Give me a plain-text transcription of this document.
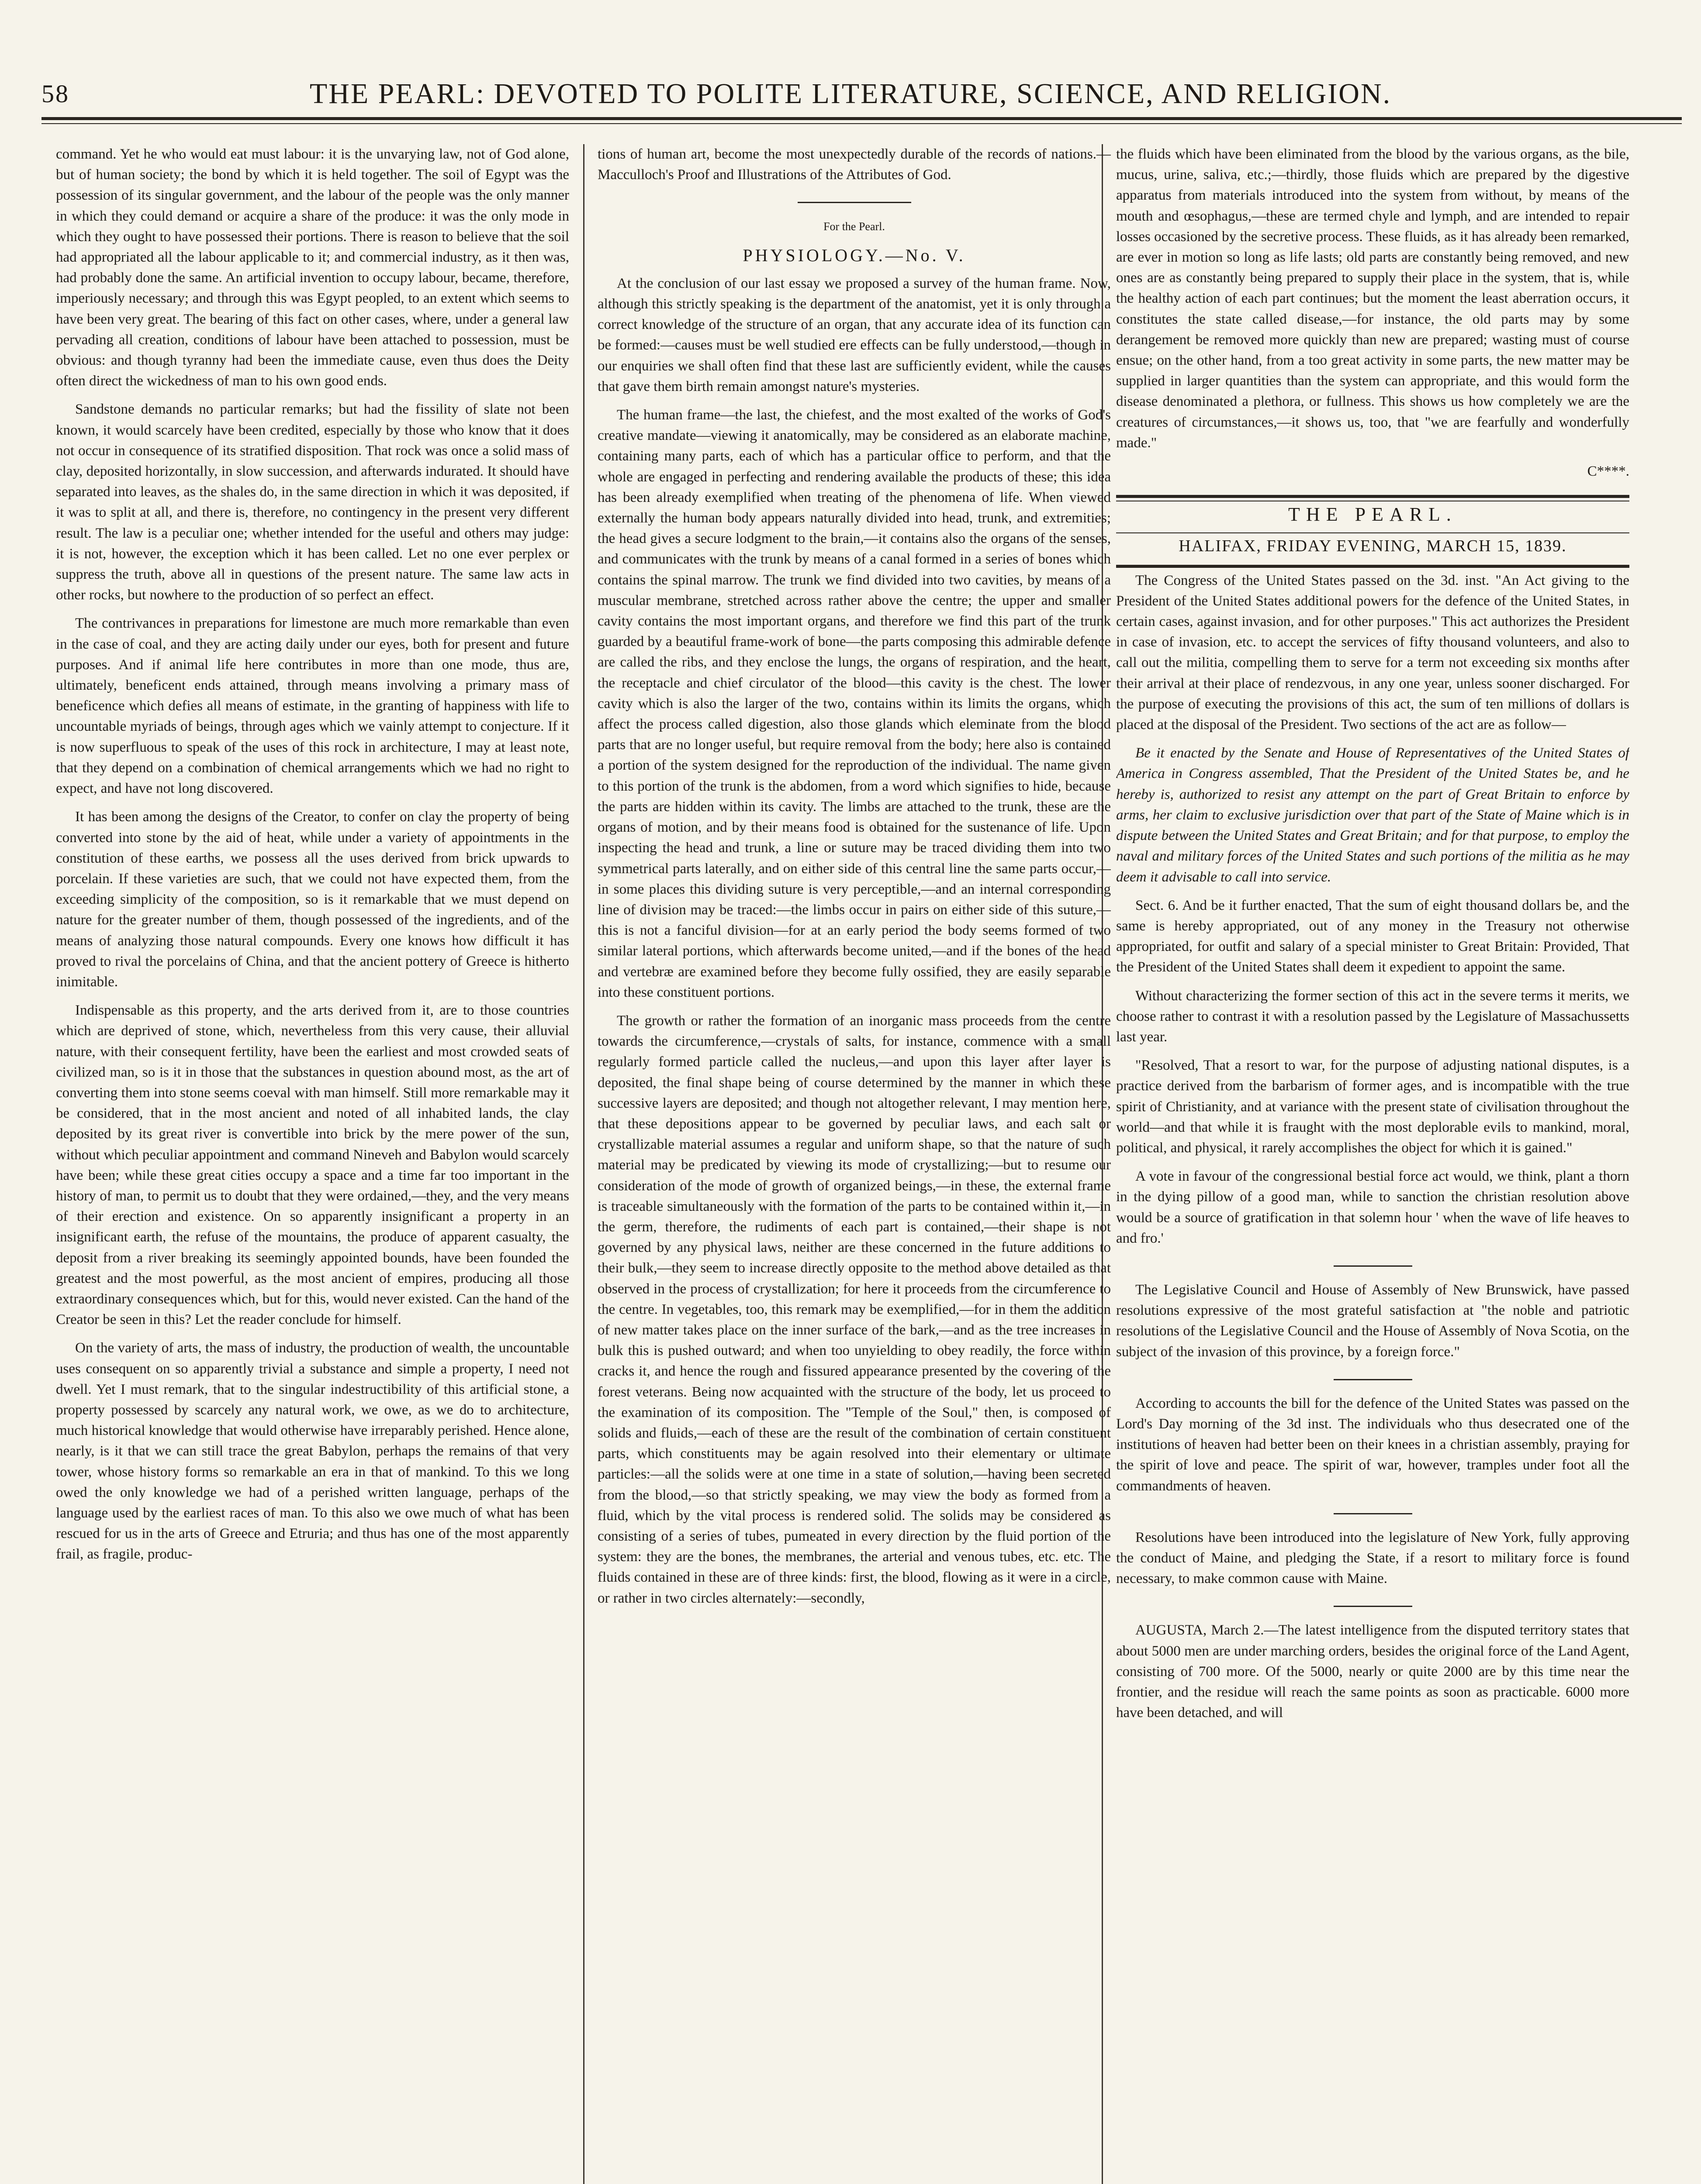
58	THE PEARL: DEVOTED TO POLITE LITERATURE, SCIENCE, AND RELIGION.

command. Yet he who would eat must labour: it is the unvarying law, not of God alone, but of human society; the bond by which it is held together. The soil of Egypt was the possession of its singular government, and the labour of the people was the only manner in which they could demand or acquire a share of the produce: it was the only mode in which they ought to have possessed their portions. There is reason to believe that the soil had appropriated all the labour applicable to it; and commercial industry, as it then was, had probably done the same. An artificial invention to occupy labour, became, therefore, imperiously necessary; and through this was Egypt peopled, to an extent which seems to have been very great. The bearing of this fact on other cases, where, under a general law pervading all creation, conditions of labour have been attached to possession, must be obvious: and though tyranny had been the immediate cause, even thus does the Deity often direct the wickedness of man to his own good ends.

Sandstone demands no particular remarks; but had the fissility of slate not been known, it would scarcely have been credited, especially by those who know that it does not occur in consequence of its stratified disposition. That rock was once a solid mass of clay, deposited horizontally, in slow succession, and afterwards indurated. It should have separated into leaves, as the shales do, in the same direction in which it was deposited, if it was to split at all, and there is, therefore, no contingency in the present very different result. The law is a peculiar one; whether intended for the useful and others may judge: it is not, however, the exception which it has been called. Let no one ever perplex or suppress the truth, above all in questions of the present nature. The same law acts in other rocks, but nowhere to the production of so perfect an effect.

The contrivances in preparations for limestone are much more remarkable than even in the case of coal, and they are acting daily under our eyes, both for present and future purposes. And if animal life here contributes in more than one mode, thus are, ultimately, beneficent ends attained, through means involving a primary mass of beneficence which defies all means of estimate, in the granting of happiness with life to uncountable myriads of beings, through ages which we vainly attempt to conjecture. If it is now superfluous to speak of the uses of this rock in architecture, I may at least note, that they depend on a combination of chemical arrangements which we had no right to expect, and have not long discovered.

It has been among the designs of the Creator, to confer on clay the property of being converted into stone by the aid of heat, while under a variety of appointments in the constitution of these earths, we possess all the uses derived from brick upwards to porcelain. If these varieties are such, that we could not have expected them, from the exceeding simplicity of the composition, so is it remarkable that we must depend on nature for the greater number of them, though possessed of the ingredients, and of the means of analyzing those natural compounds. Every one knows how difficult it has proved to rival the porcelains of China, and that the ancient pottery of Greece is hitherto inimitable.

Indispensable as this property, and the arts derived from it, are to those countries which are deprived of stone, which, nevertheless from this very cause, their alluvial nature, with their consequent fertility, have been the earliest and most crowded seats of civilized man, so is it in those that the substances in question abound most, as the art of converting them into stone seems coeval with man himself. Still more remarkable may it be considered, that in the most ancient and noted of all inhabited lands, the clay deposited by its great river is convertible into brick by the mere power of the sun, without which peculiar appointment and command Nineveh and Babylon would scarcely have been; while these great cities occupy a space and a time far too important in the history of man, to permit us to doubt that they were ordained,—they, and the very means of their erection and existence. On so apparently insignificant a property in an insignificant earth, the refuse of the mountains, the produce of apparent casualty, the deposit from a river breaking its seemingly appointed bounds, have been founded the greatest and the most powerful, as the most ancient of empires, producing all those extraordinary consequences which, but for this, would never existed. Can the hand of the Creator be seen in this? Let the reader conclude for himself.

On the variety of arts, the mass of industry, the production of wealth, the uncountable uses consequent on so apparently trivial a substance and simple a property, I need not dwell. Yet I must remark, that to the singular indestructibility of this artificial stone, a property possessed by scarcely any natural work, we owe, as we do to architecture, much historical knowledge that would otherwise have irreparably perished. Hence alone, nearly, is it that we can still trace the great Babylon, perhaps the remains of that very tower, whose history forms so remarkable an era in that of mankind. To this we long owed the only knowledge we had of a perished written language, perhaps of the language used by the earliest races of man. To this also we owe much of what has been rescued for us in the arts of Greece and Etruria; and thus has one of the most apparently frail, as fragile, produc-

tions of human art, become the most unexpectedly durable of the records of nations.—Macculloch's Proof and Illustrations of the Attributes of God.

For the Pearl.

PHYSIOLOGY.—No. V.

At the conclusion of our last essay we proposed a survey of the human frame. Now, although this strictly speaking is the department of the anatomist, yet it is only through a correct knowledge of the structure of an organ, that any accurate idea of its function can be formed:—causes must be well studied ere effects can be fully understood,—though in our enquiries we shall often find that these last are sufficiently evident, while the causes that gave them birth remain amongst nature's mysteries.

The human frame—the last, the chiefest, and the most exalted of the works of God's creative mandate—viewing it anatomically, may be considered as an elaborate machine, containing many parts, each of which has a particular office to perform, and that the whole are engaged in perfecting and rendering available the products of these; this idea has been already exemplified when treating of the phenomena of life. When viewed externally the human body appears naturally divided into head, trunk, and extremities; the head gives a secure lodgment to the brain,—it contains also the organs of the senses, and communicates with the trunk by means of a canal formed in a series of bones which contains the spinal marrow. The trunk we find divided into two cavities, by means of a muscular membrane, stretched across rather above the centre; the upper and smaller cavity contains the most important organs, and therefore we find this part of the trunk guarded by a beautiful frame-work of bone—the parts composing this admirable defence are called the ribs, and they enclose the lungs, the organs of respiration, and the heart, the receptacle and chief circulator of the blood—this cavity is the chest. The lower cavity which is also the larger of the two, contains within its limits the organs, which affect the process called digestion, also those glands which eleminate from the blood parts that are no longer useful, but require removal from the body; here also is contained a portion of the system designed for the reproduction of the individual. The name given to this portion of the trunk is the abdomen, from a word which signifies to hide, because the parts are hidden within its cavity. The limbs are attached to the trunk, these are the organs of motion, and by their means food is obtained for the sustenance of life. Upon inspecting the head and trunk, a line or suture may be traced dividing them into two symmetrical parts laterally, and on either side of this central line the same parts occur,—in some places this dividing suture is very perceptible,—and an internal corresponding line of division may be traced:—the limbs occur in pairs on either side of this suture,—this is not a fanciful division—for at an early period the body seems formed of two similar lateral portions, which afterwards become united,—and if the bones of the head and vertebræ are examined before they become fully ossified, they are easily separable into these constituent portions.

The growth or rather the formation of an inorganic mass proceeds from the centre towards the circumference,—crystals of salts, for instance, commence with a small regularly formed particle called the nucleus,—and upon this layer after layer is deposited, the final shape being of course determined by the manner in which these successive layers are deposited; and though not altogether relevant, I may mention here, that these depositions appear to be governed by peculiar laws, and each salt or crystallizable material assumes a regular and uniform shape, so that the nature of such material may be predicated by viewing its mode of crystallizing;—but to resume our consideration of the mode of growth of organized beings,—in these, the external frame is traceable simultaneously with the formation of the parts to be contained within it,—in the germ, therefore, the rudiments of each part is contained,—their shape is not governed by any physical laws, neither are these concerned in the future additions to their bulk,—they seem to increase directly opposite to the method above detailed as that observed in the process of crystallization; for here it proceeds from the circumference to the centre. In vegetables, too, this remark may be exemplified,—for in them the addition of new matter takes place on the inner surface of the bark,—and as the tree increases in bulk this is pushed outward; and when too unyielding to obey readily, the force within cracks it, and hence the rough and fissured appearance presented by the covering of the forest veterans. Being now acquainted with the structure of the body, let us proceed to the examination of its composition. The "Temple of the Soul," then, is composed of solids and fluids,—each of these are the result of the combination of certain constituent parts, which constituents may be again resolved into their elementary or ultimate particles:—all the solids were at one time in a state of solution,—having been secreted from the blood,—so that strictly speaking, we may view the body as formed from a fluid, which by the vital process is rendered solid. The solids may be considered as consisting of a series of tubes, pumeated in every direction by the fluid portion of the system: they are the bones, the membranes, the arterial and venous tubes, etc. etc. The fluids contained in these are of three kinds: first, the blood, flowing as it were in a circle, or rather in two circles alternately:—secondly,

the fluids which have been eliminated from the blood by the various organs, as the bile, mucus, urine, saliva, etc.;—thirdly, those fluids which are prepared by the digestive apparatus from materials introduced into the system from without, by means of the mouth and œsophagus,—these are termed chyle and lymph, and are intended to repair losses occasioned by the secretive process. These fluids, as it has already been remarked, are ever in motion so long as life lasts; old parts are constantly being removed, and new ones are as constantly being prepared to supply their place in the system, that is, while the healthy action of each part continues; but the moment the least aberration occurs, it constitutes the state called disease,—for instance, the old parts may by some derangement be removed more quickly than new are prepared; wasting must of course ensue; on the other hand, from a too great activity in some parts, the new matter may be supplied in larger quantities than the system can appropriate, and this would form the disease denominated a plethora, or fullness. This shows us how completely we are the creatures of circumstances,—it shows us, too, that "we are fearfully and wonderfully made."

C****.

THE PEARL.

HALIFAX, FRIDAY EVENING, MARCH 15, 1839.

The Congress of the United States passed on the 3d. inst. "An Act giving to the President of the United States additional powers for the defence of the United States, in certain cases, against invasion, and for other purposes." This act authorizes the President in case of invasion, etc. to accept the services of fifty thousand volunteers, and also to call out the militia, compelling them to serve for a term not exceeding six months after their arrival at their place of rendezvous, in any one year, unless sooner discharged. For the purpose of executing the provisions of this act, the sum of ten millions of dollars is placed at the disposal of the President. Two sections of the act are as follow—

Be it enacted by the Senate and House of Representatives of the United States of America in Congress assembled, That the President of the United States be, and he hereby is, authorized to resist any attempt on the part of Great Britain to enforce by arms, her claim to exclusive jurisdiction over that part of the State of Maine which is in dispute between the United States and Great Britain; and for that purpose, to employ the naval and military forces of the United States and such portions of the militia as he may deem it advisable to call into service.

Sect. 6. And be it further enacted, That the sum of eight thousand dollars be, and the same is hereby appropriated, out of any money in the Treasury not otherwise appropriated, for outfit and salary of a special minister to Great Britain: Provided, That the President of the United States shall deem it expedient to appoint the same.

Without characterizing the former section of this act in the severe terms it merits, we choose rather to contrast it with a resolution passed by the Legislature of Massachussetts last year.

"Resolved, That a resort to war, for the purpose of adjusting national disputes, is a practice derived from the barbarism of former ages, and is incompatible with the true spirit of Christianity, and at variance with the present state of civilisation throughout the world—and that while it is fraught with the most deplorable evils to mankind, moral, political, and physical, it rarely accomplishes the object for which it is gained."

A vote in favour of the congressional bestial force act would, we think, plant a thorn in the dying pillow of a good man, while to sanction the christian resolution above would be a source of gratification in that solemn hour ' when the wave of life heaves to and fro.'

The Legislative Council and House of Assembly of New Brunswick, have passed resolutions expressive of the most grateful satisfaction at "the noble and patriotic resolutions of the Legislative Council and the House of Assembly of Nova Scotia, on the subject of the invasion of this province, by a foreign force."

According to accounts the bill for the defence of the United States was passed on the Lord's Day morning of the 3d inst. The individuals who thus desecrated one of the institutions of heaven had better been on their knees in a christian assembly, praying for the spirit of love and peace. The spirit of war, however, tramples under foot all the commandments of heaven.

Resolutions have been introduced into the legislature of New York, fully approving the conduct of Maine, and pledging the State, if a resort to military force is found necessary, to make common cause with Maine.

AUGUSTA, March 2.—The latest intelligence from the disputed territory states that about 5000 men are under marching orders, besides the original force of the Land Agent, consisting of 700 more. Of the 5000, nearly or quite 2000 are by this time near the frontier, and the residue will reach the same points as soon as practicable. 6000 more have been detached, and will
